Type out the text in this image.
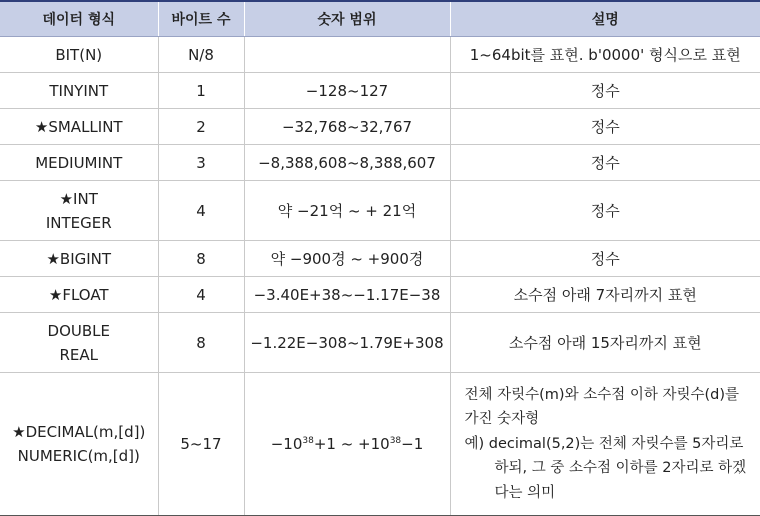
데이터 형식	바이트 수	숫자 범위	설명

BIT(N)	N/8		1~64bit를 표현. b'0000' 형식으로 표현

TINYINT	1	−128~127	정수

★SMALLINT	2	−32,768~32,767	정수

MEDIUMINT	3	−8,388,608~8,388,607	정수

★INT
INTEGER	4	약 −21억 ~ + 21억	정수

★BIGINT	8	약 −900경 ~ +900경	정수

★FLOAT	4	−3.40E+38~−1.17E−38	소수점 아래 7자리까지 표현

DOUBLE
REAL	8	−1.22E−308~1.79E+308	소수점 아래 15자리까지 표현

★DECIMAL(m,[d])
NUMERIC(m,[d])	5~17	$-10^{38}+1$ ~ $+10^{38}-1$	전체 자릿수(m)와 소수점 이하 자릿수(d)를 가진 숫자형
예) decimal(5,2)는 전체 자릿수를 5자리로 하되, 그 중 소수점 이하를 2자리로 하겠다는 의미
